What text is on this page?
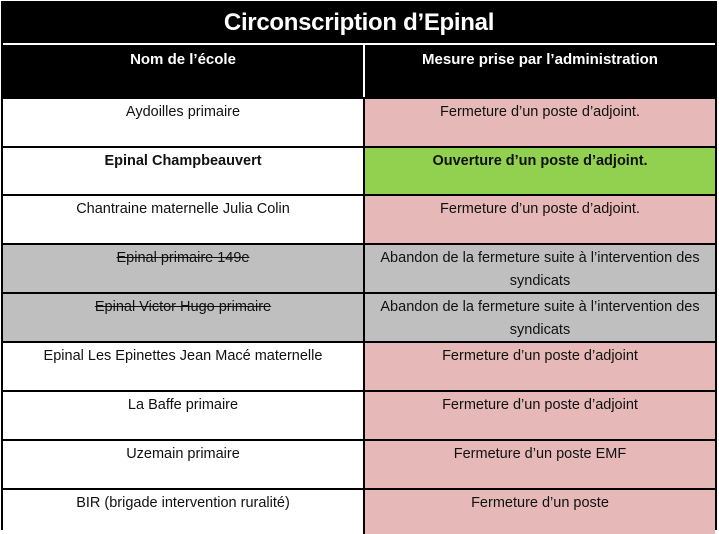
Circonscription d’Epinal
Nom de l’école	Mesure prise par l’administration
Aydoilles primaire	Fermeture d’un poste d’adjoint.
Epinal Champbeauvert	Ouverture d’un poste d’adjoint.
Chantraine maternelle Julia Colin	Fermeture d’un poste d’adjoint.
Epinal primaire 149e	Abandon de la fermeture suite à l’intervention des syndicats
Epinal Victor Hugo primaire	Abandon de la fermeture suite à l’intervention des syndicats
Epinal Les Epinettes Jean Macé maternelle	Fermeture d’un poste d’adjoint
La Baffe primaire	Fermeture d’un poste d’adjoint
Uzemain primaire	Fermeture d’un poste EMF
BIR (brigade intervention ruralité)	Fermeture d’un poste
